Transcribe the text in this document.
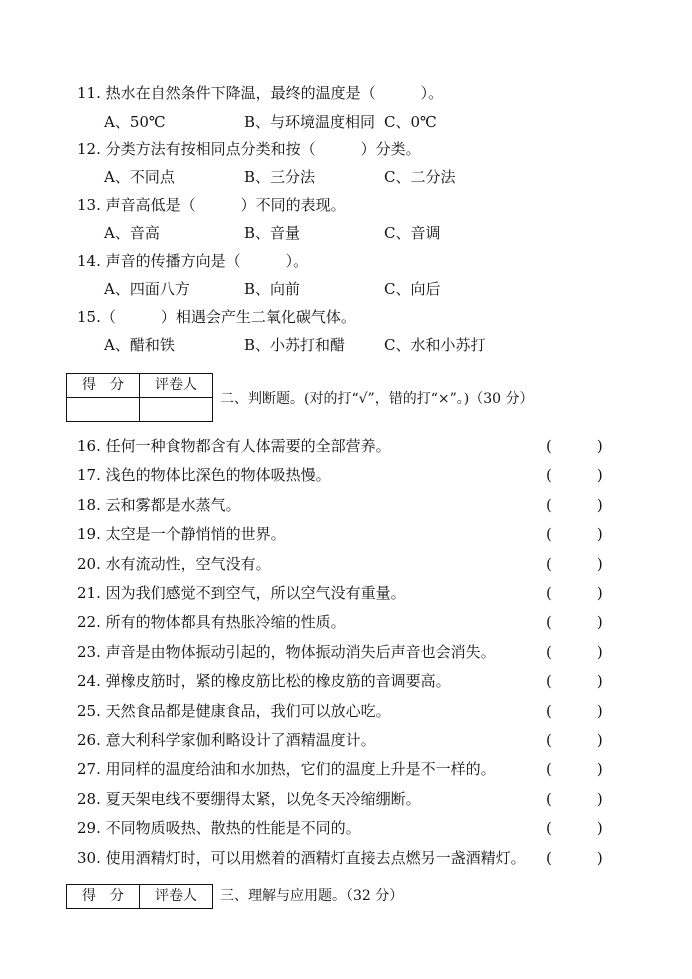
11. 热水在自然条件下降温，最终的温度是（　　　）。
A、50℃	B、与环境温度相同 C、0℃
12. 分类方法有按相同点分类和按（　　　）分类。
A、不同点	B、三分法	C、二分法
13. 声音高低是（　　　）不同的表现。
A、音高	B、音量	C、音调
14. 声音的传播方向是（　　　）。
A、四面八方	B、向前	C、向后
15.（　　　）相遇会产生二氧化碳气体。
A、醋和铁	B、小苏打和醋	C、水和小苏打
得　分	评卷人

二、判断题。(对的打“√”，错的打“×”。)（30 分）
16. 任何一种食物都含有人体需要的全部营养。	(　　　)
17. 浅色的物体比深色的物体吸热慢。	(　　　)
18. 云和雾都是水蒸气。	(　　　)
19. 太空是一个静悄悄的世界。	(　　　)
20. 水有流动性，空气没有。	(　　　)
21. 因为我们感觉不到空气，所以空气没有重量。	(　　　)
22. 所有的物体都具有热胀冷缩的性质。	(　　　)
23. 声音是由物体振动引起的，物体振动消失后声音也会消失。	(　　　)
24. 弹橡皮筋时，紧的橡皮筋比松的橡皮筋的音调要高。	(　　　)
25. 天然食品都是健康食品，我们可以放心吃。	(　　　)
26. 意大利科学家伽利略设计了酒精温度计。	(　　　)
27. 用同样的温度给油和水加热，它们的温度上升是不一样的。	(　　　)
28. 夏天架电线不要绷得太紧，以免冬天冷缩绷断。	(　　　)
29. 不同物质吸热、散热的性能是不同的。	(　　　)
30. 使用酒精灯时，可以用燃着的酒精灯直接去点燃另一盏酒精灯。 (　　　)
得　分	评卷人 三、理解与应用题。（32 分）
